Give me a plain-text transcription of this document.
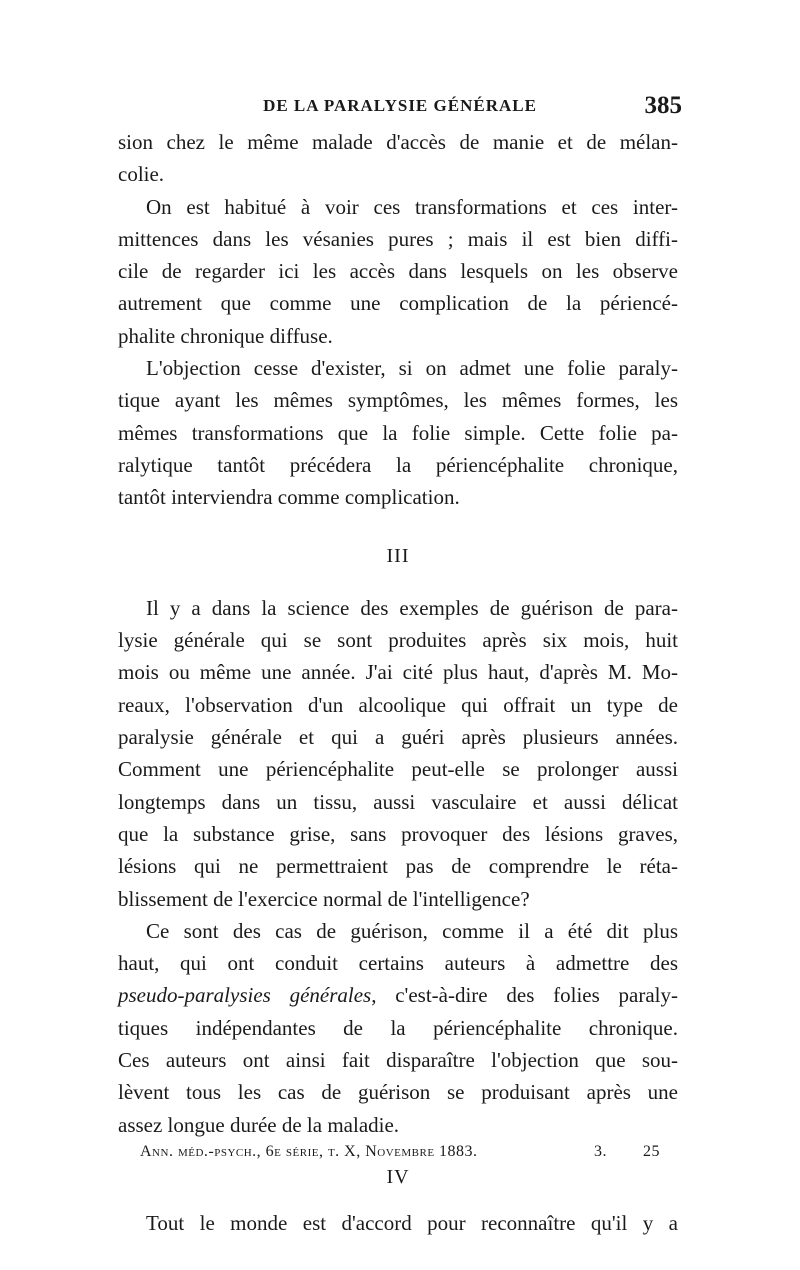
DE LA PARALYSIE GÉNÉRALE	385
sion chez le même malade d'accès de manie et de mélan-
colie.
On est habitué à voir ces transformations et ces inter-
mittences dans les vésanies pures ; mais il est bien diffi-
cile de regarder ici les accès dans lesquels on les observe
autrement que comme une complication de la périencé-
phalite chronique diffuse.
L'objection cesse d'exister, si on admet une folie paraly-
tique ayant les mêmes symptômes, les mêmes formes, les
mêmes transformations que la folie simple. Cette folie pa-
ralytique tantôt précédera la périencéphalite chronique,
tantôt interviendra comme complication.
III
Il y a dans la science des exemples de guérison de para-
lysie générale qui se sont produites après six mois, huit
mois ou même une année. J'ai cité plus haut, d'après M. Mo-
reaux, l'observation d'un alcoolique qui offrait un type de
paralysie générale et qui a guéri après plusieurs années.
Comment une périencéphalite peut-elle se prolonger aussi
longtemps dans un tissu, aussi vasculaire et aussi délicat
que la substance grise, sans provoquer des lésions graves,
lésions qui ne permettraient pas de comprendre le réta-
blissement de l'exercice normal de l'intelligence?
Ce sont des cas de guérison, comme il a été dit plus
haut, qui ont conduit certains auteurs à admettre des
pseudo-paralysies générales, c'est-à-dire des folies paraly-
tiques indépendantes de la périencéphalite chronique.
Ces auteurs ont ainsi fait disparaître l'objection que sou-
lèvent tous les cas de guérison se produisant après une
assez longue durée de la maladie.
IV
Tout le monde est d'accord pour reconnaître qu'il y a
Ann. méd.-psych., 6e série, t. X, Novembre 1883.	3. 25
